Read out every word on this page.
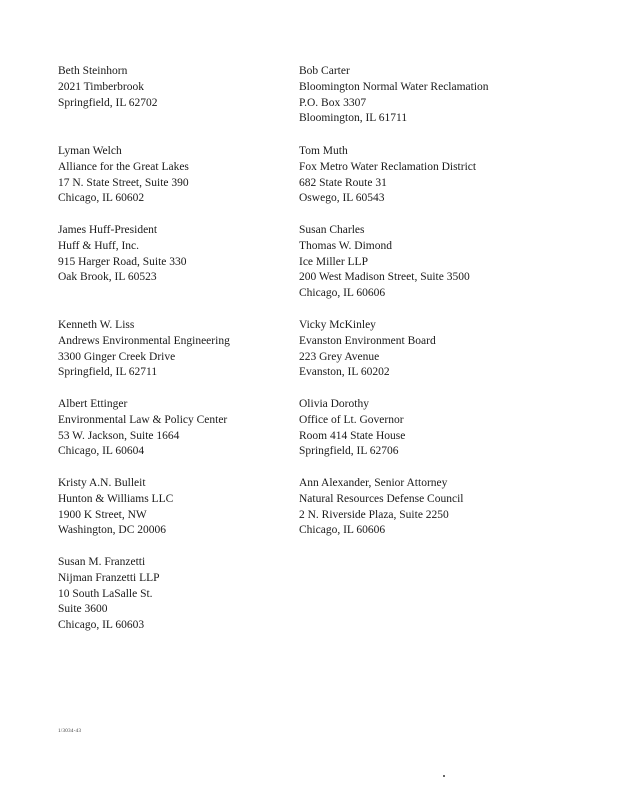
Beth Steinhorn
2021 Timberbrook
Springfield, IL 62702
Lyman Welch
Alliance for the Great Lakes
17 N. State Street, Suite 390
Chicago, IL 60602
James Huff-President
Huff & Huff, Inc.
915 Harger Road, Suite 330
Oak Brook, IL 60523
Kenneth W. Liss
Andrews Environmental Engineering
3300 Ginger Creek Drive
Springfield, IL 62711
Albert Ettinger
Environmental Law & Policy Center
53 W. Jackson, Suite 1664
Chicago, IL 60604
Kristy A.N. Bulleit
Hunton & Williams LLC
1900 K Street, NW
Washington, DC 20006
Susan M. Franzetti
Nijman Franzetti LLP
10 South LaSalle St.
Suite 3600
Chicago, IL 60603
Bob Carter
Bloomington Normal Water Reclamation
P.O. Box 3307
Bloomington, IL 61711
Tom Muth
Fox Metro Water Reclamation District
682 State Route 31
Oswego, IL 60543
Susan Charles
Thomas W. Dimond
Ice Miller LLP
200 West Madison Street, Suite 3500
Chicago, IL 60606
Vicky McKinley
Evanston Environment Board
223 Grey Avenue
Evanston, IL 60202
Olivia Dorothy
Office of Lt. Governor
Room 414 State House
Springfield, IL 62706
Ann Alexander, Senior Attorney
Natural Resources Defense Council
2 N. Riverside Plaza, Suite 2250
Chicago, IL 60606
1/3034-43
